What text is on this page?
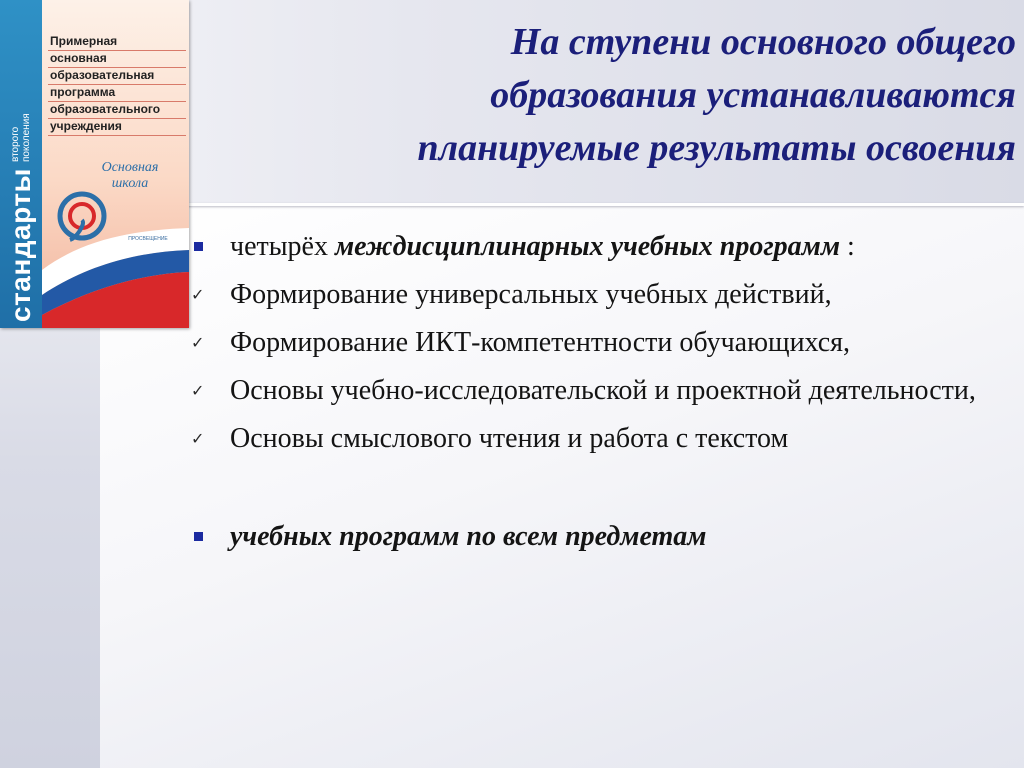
стандарты
второго
поколения
Примерная
основная
образовательная
программа
образовательного
учреждения
Основная
школа
ПРОСВЕЩЕНИЕ
На ступени основного общего
образования устанавливаются
планируемые результаты освоения
четырёх междисциплинарных учебных программ :
✓ Формирование универсальных учебных действий,
✓ Формирование ИКТ-компетентности обучающихся,
✓ Основы учебно-исследовательской и проектной деятельности,
✓ Основы смыслового чтения и работа с текстом
учебных программ по всем предметам
